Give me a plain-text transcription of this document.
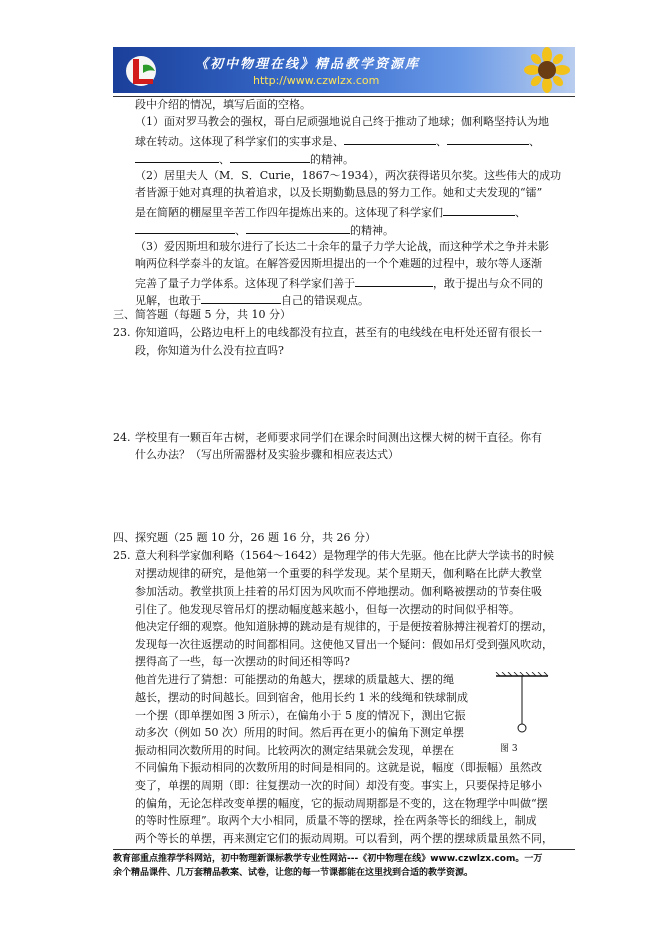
《初中物理在线》精品教学资源库
http://www.czwlzx.com
段中介绍的情况，填写后面的空格。
（1）面对罗马教会的强权，哥白尼顽强地说自己终于推动了地球；伽利略坚持认为地
球在转动。这体现了科学家们的实事求是、	、	、
、	的精神。
（2）居里夫人（M．S．Curie，1867～1934），两次获得诺贝尔奖。这些伟大的成功
者皆源于她对真理的执着追求，以及长期勤勤恳恳的努力工作。她和丈夫发现的“镭”
是在简陋的棚屋里辛苦工作四年提炼出来的。这体现了科学家们	、
、	的精神。
（3）爱因斯坦和玻尔进行了长达二十余年的量子力学大论战，而这种学术之争并未影
响两位科学泰斗的友谊。在解答爱因斯坦提出的一个个难题的过程中，玻尔等人逐渐
完善了量子力学体系。这体现了科学家们善于	，敢于提出与众不同的
见解，也敢于	自己的错误观点。
三、简答题（每题 5 分，共 10 分）
23. 你知道吗，公路边电杆上的电线都没有拉直，甚至有的电线线在电杆处还留有很长一
段，你知道为什么没有拉直吗?
24. 学校里有一颗百年古树，老师要求同学们在课余时间测出这棵大树的树干直径。你有
什么办法？（写出所需器材及实验步骤和相应表达式）
四、探究题（25 题 10 分，26 题 16 分，共 26 分）
25. 意大利科学家伽利略（1564～1642）是物理学的伟大先驱。他在比萨大学读书的时候
对摆动规律的研究，是他第一个重要的科学发现。某个星期天，伽利略在比萨大教堂
参加活动。教堂拱顶上挂着的吊灯因为风吹而不停地摆动。伽利略被摆动的节奏住吸
引住了。他发现尽管吊灯的摆动幅度越来越小，但每一次摆动的时间似乎相等。
他决定仔细的观察。他知道脉搏的跳动是有规律的，于是便按着脉搏注视着灯的摆动，
发现每一次往返摆动的时间都相同。这使他又冒出一个疑问：假如吊灯受到强风吹动，
摆得高了一些，每一次摆动的时间还相等吗?
他首先进行了猜想：可能摆动的角越大，摆球的质量越大、摆的绳
越长，摆动的时间越长。回到宿舍，他用长约 1 米的线绳和铁球制成
一个摆（即单摆如图 3 所示），在偏角小于 5 度的情况下，测出它振
动多次（例如 50 次）所用的时间。然后再在更小的偏角下测定单摆
振动相同次数所用的时间。比较两次的测定结果就会发现，单摆在	图 3
不同偏角下振动相同的次数所用的时间是相同的。这就是说，幅度（即振幅）虽然改
变了，单摆的周期（即：往复摆动一次的时间）却没有变。事实上，只要保持足够小
的偏角，无论怎样改变单摆的幅度，它的振动周期都是不变的，这在物理学中叫做“摆
的等时性原理”。取两个大小相同，质量不等的摆球，拴在两条等长的细线上，制成
两个等长的单摆，再来测定它们的振动周期。可以看到，两个摆的摆球质量虽然不同，
教育部重点推荐学科网站，初中物理新课标教学专业性网站---《初中物理在线》www.czwlzx.com。一万
余个精品课件、几万套精品教案、试卷，让您的每一节课都能在这里找到合适的教学资源。
